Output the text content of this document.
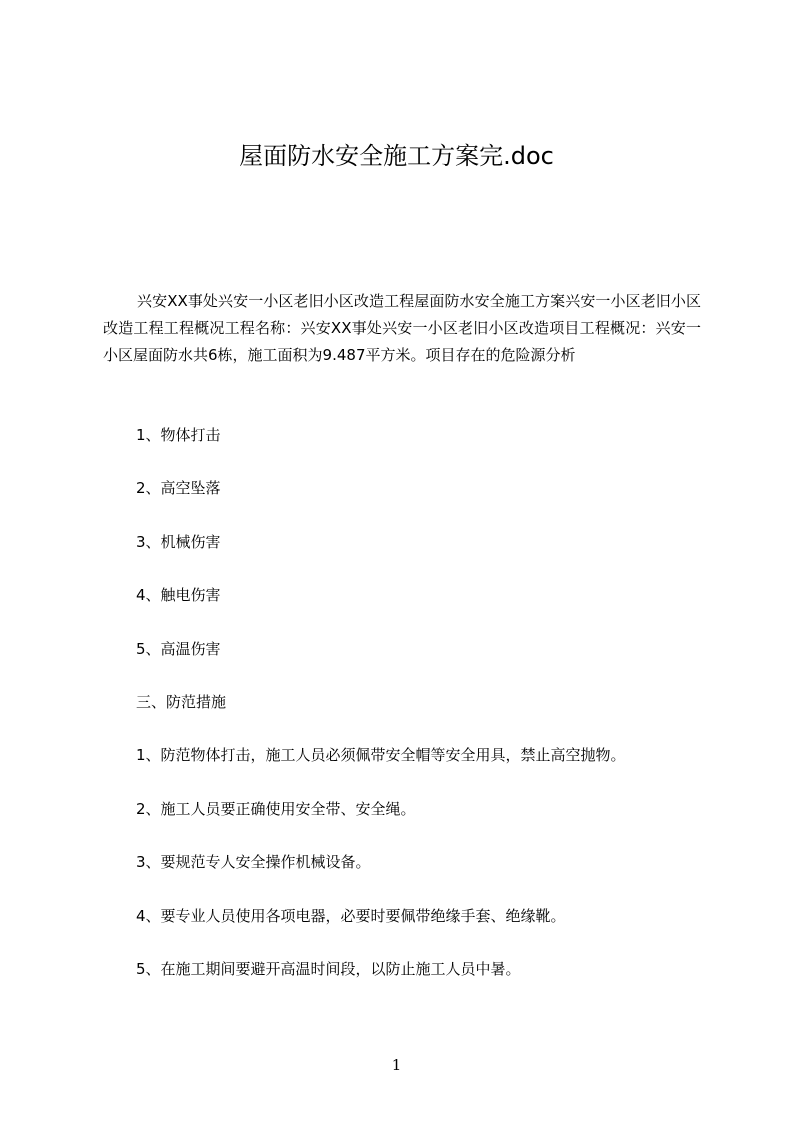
屋面防水安全施工方案完.doc

兴安XX事处兴安一小区老旧小区改造工程屋面防水安全施工方案兴安一小区老旧小区改造工程工程概况工程名称：兴安XX事处兴安一小区老旧小区改造项目工程概况：兴安一小区屋面防水共6栋，施工面积为9.487平方米。项目存在的危险源分析

1、物体打击

2、高空坠落

3、机械伤害

4、触电伤害

5、高温伤害

三、防范措施

1、防范物体打击，施工人员必须佩带安全帽等安全用具，禁止高空抛物。

2、施工人员要正确使用安全带、安全绳。

3、要规范专人安全操作机械设备。

4、要专业人员使用各项电器，必要时要佩带绝缘手套、绝缘靴。

5、在施工期间要避开高温时间段，以防止施工人员中暑。

1
